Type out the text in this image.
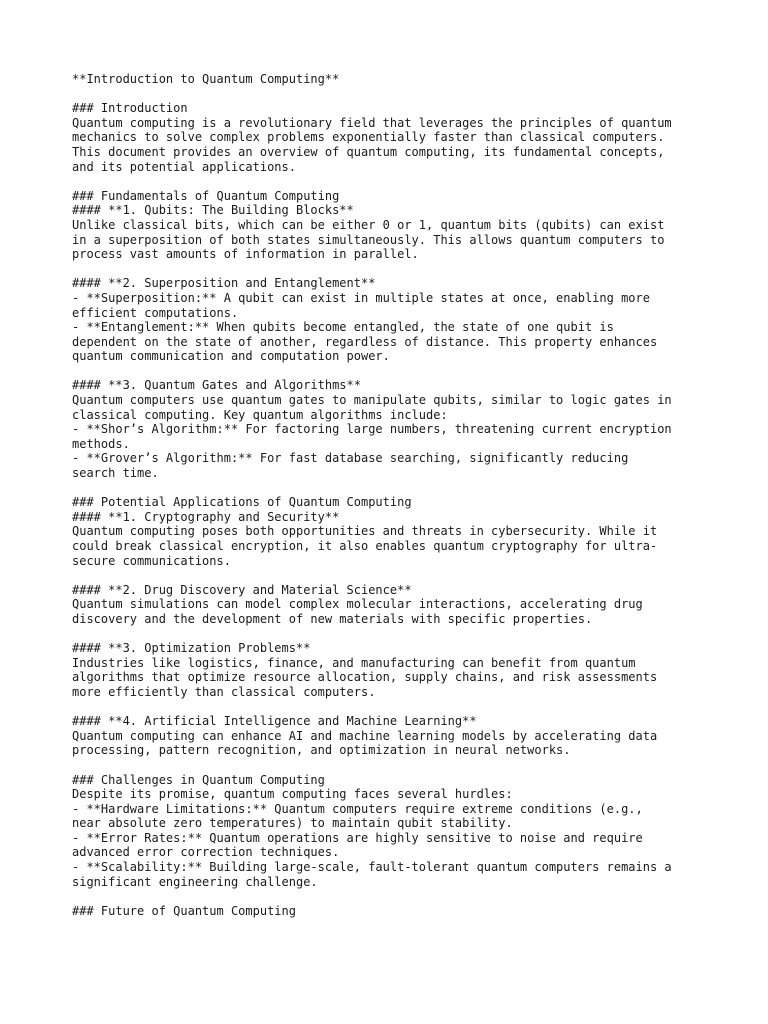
**Introduction to Quantum Computing**
### Introduction
Quantum computing is a revolutionary field that leverages the principles of quantum
mechanics to solve complex problems exponentially faster than classical computers.
This document provides an overview of quantum computing, its fundamental concepts,
and its potential applications.
### Fundamentals of Quantum Computing
#### **1. Qubits: The Building Blocks**
Unlike classical bits, which can be either 0 or 1, quantum bits (qubits) can exist
in a superposition of both states simultaneously. This allows quantum computers to
process vast amounts of information in parallel.
#### **2. Superposition and Entanglement**
- **Superposition:** A qubit can exist in multiple states at once, enabling more
efficient computations.
- **Entanglement:** When qubits become entangled, the state of one qubit is
dependent on the state of another, regardless of distance. This property enhances
quantum communication and computation power.
#### **3. Quantum Gates and Algorithms**
Quantum computers use quantum gates to manipulate qubits, similar to logic gates in
classical computing. Key quantum algorithms include:
- **Shor’s Algorithm:** For factoring large numbers, threatening current encryption
methods.
- **Grover’s Algorithm:** For fast database searching, significantly reducing
search time.
### Potential Applications of Quantum Computing
#### **1. Cryptography and Security**
Quantum computing poses both opportunities and threats in cybersecurity. While it
could break classical encryption, it also enables quantum cryptography for ultra-
secure communications.
#### **2. Drug Discovery and Material Science**
Quantum simulations can model complex molecular interactions, accelerating drug
discovery and the development of new materials with specific properties.
#### **3. Optimization Problems**
Industries like logistics, finance, and manufacturing can benefit from quantum
algorithms that optimize resource allocation, supply chains, and risk assessments
more efficiently than classical computers.
#### **4. Artificial Intelligence and Machine Learning**
Quantum computing can enhance AI and machine learning models by accelerating data
processing, pattern recognition, and optimization in neural networks.
### Challenges in Quantum Computing
Despite its promise, quantum computing faces several hurdles:
- **Hardware Limitations:** Quantum computers require extreme conditions (e.g.,
near absolute zero temperatures) to maintain qubit stability.
- **Error Rates:** Quantum operations are highly sensitive to noise and require
advanced error correction techniques.
- **Scalability:** Building large-scale, fault-tolerant quantum computers remains a
significant engineering challenge.
### Future of Quantum Computing
